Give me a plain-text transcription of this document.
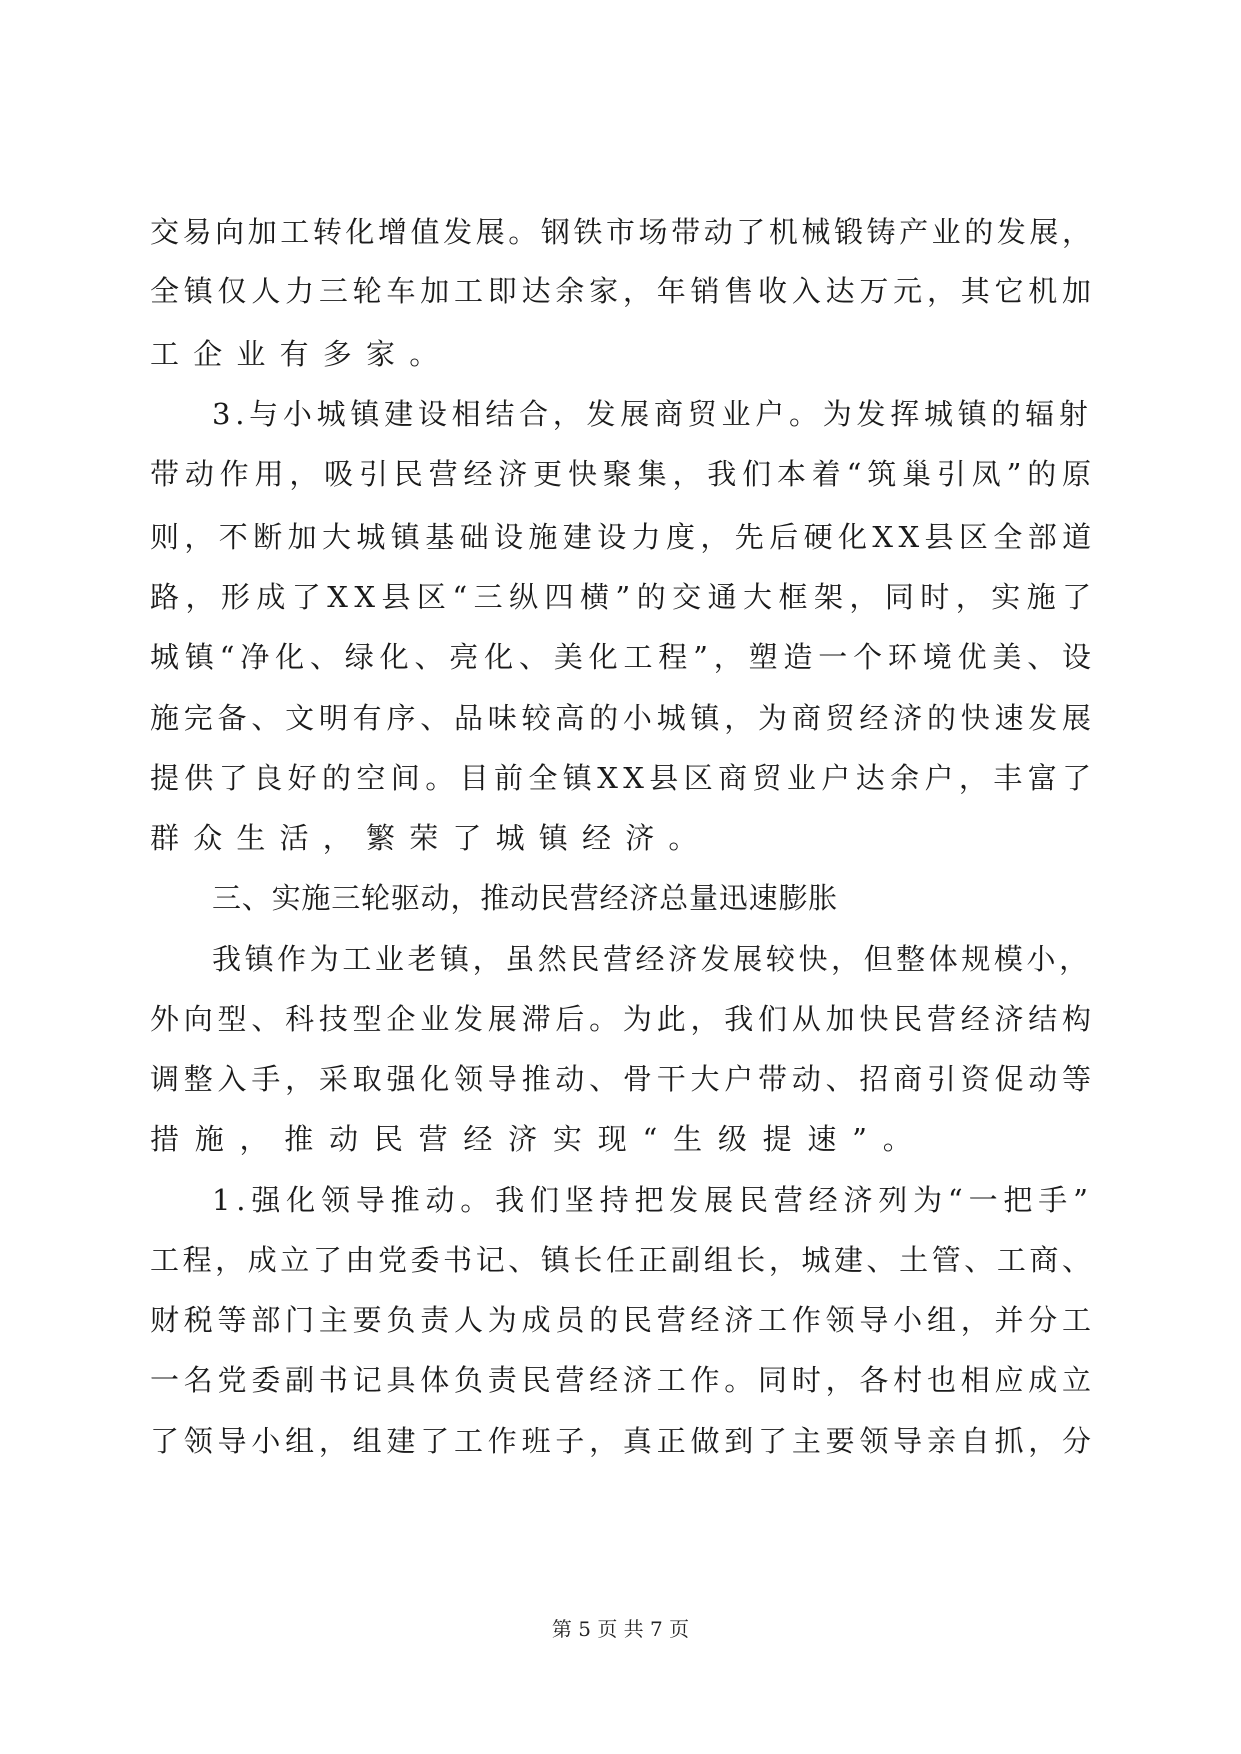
交易向加工转化增值发展。钢铁市场带动了机械锻铸产业的发展，
全镇仅人力三轮车加工即达余家，年销售收入达万元，其它机加
工企业有多家。
3.与小城镇建设相结合，发展商贸业户。为发挥城镇的辐射
带动作用，吸引民营经济更快聚集，我们本着“筑巢引凤”的原
则，不断加大城镇基础设施建设力度，先后硬化XX县区全部道
路，形成了XX县区“三纵四横”的交通大框架，同时，实施了
城镇“净化、绿化、亮化、美化工程”，塑造一个环境优美、设
施完备、文明有序、品味较高的小城镇，为商贸经济的快速发展
提供了良好的空间。目前全镇XX县区商贸业户达余户，丰富了
群众生活，繁荣了城镇经济。
三、实施三轮驱动，推动民营经济总量迅速膨胀
我镇作为工业老镇，虽然民营经济发展较快，但整体规模小，
外向型、科技型企业发展滞后。为此，我们从加快民营经济结构
调整入手，采取强化领导推动、骨干大户带动、招商引资促动等
措施，推动民营经济实现“生级提速”。
1.强化领导推动。我们坚持把发展民营经济列为“一把手”
工程，成立了由党委书记、镇长任正副组长，城建、土管、工商、
财税等部门主要负责人为成员的民营经济工作领导小组，并分工
一名党委副书记具体负责民营经济工作。同时，各村也相应成立
了领导小组，组建了工作班子，真正做到了主要领导亲自抓，分
第 5 页 共 7 页
